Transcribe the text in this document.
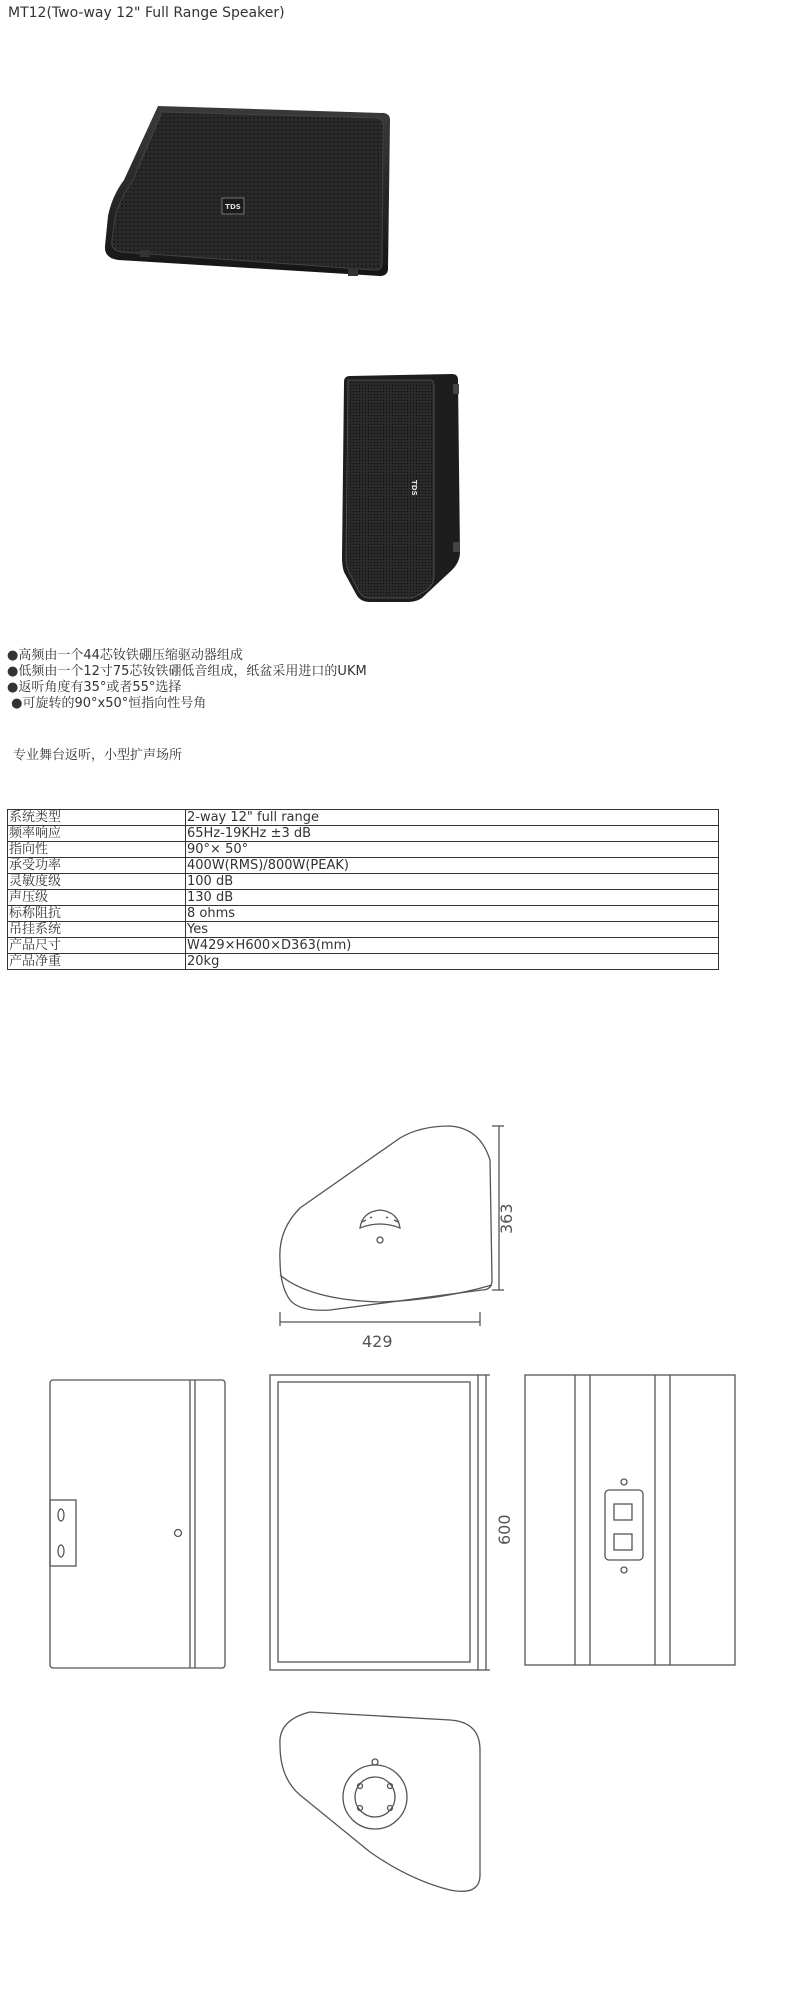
MT12(Two-way 12" Full Range Speaker)
TDS
TDS
●高频由一个44芯钕铁硼压缩驱动器组成
●低频由一个12寸75芯钕铁硼低音组成，纸盆采用进口的UKM
●返听角度有35°或者55°选择
●可旋转的90°x50°恒指向性号角
专业舞台返听，小型扩声场所
系统类型	2-way 12" full range
频率响应	65Hz-19KHz ±3 dB
指向性	90°× 50°
承受功率	400W(RMS)/800W(PEAK)
灵敏度级	100 dB
声压级	130 dB
标称阻抗	8 ohms
吊挂系统	Yes
产品尺寸	W429×H600×D363(mm)
产品净重	20kg
363
429
600
